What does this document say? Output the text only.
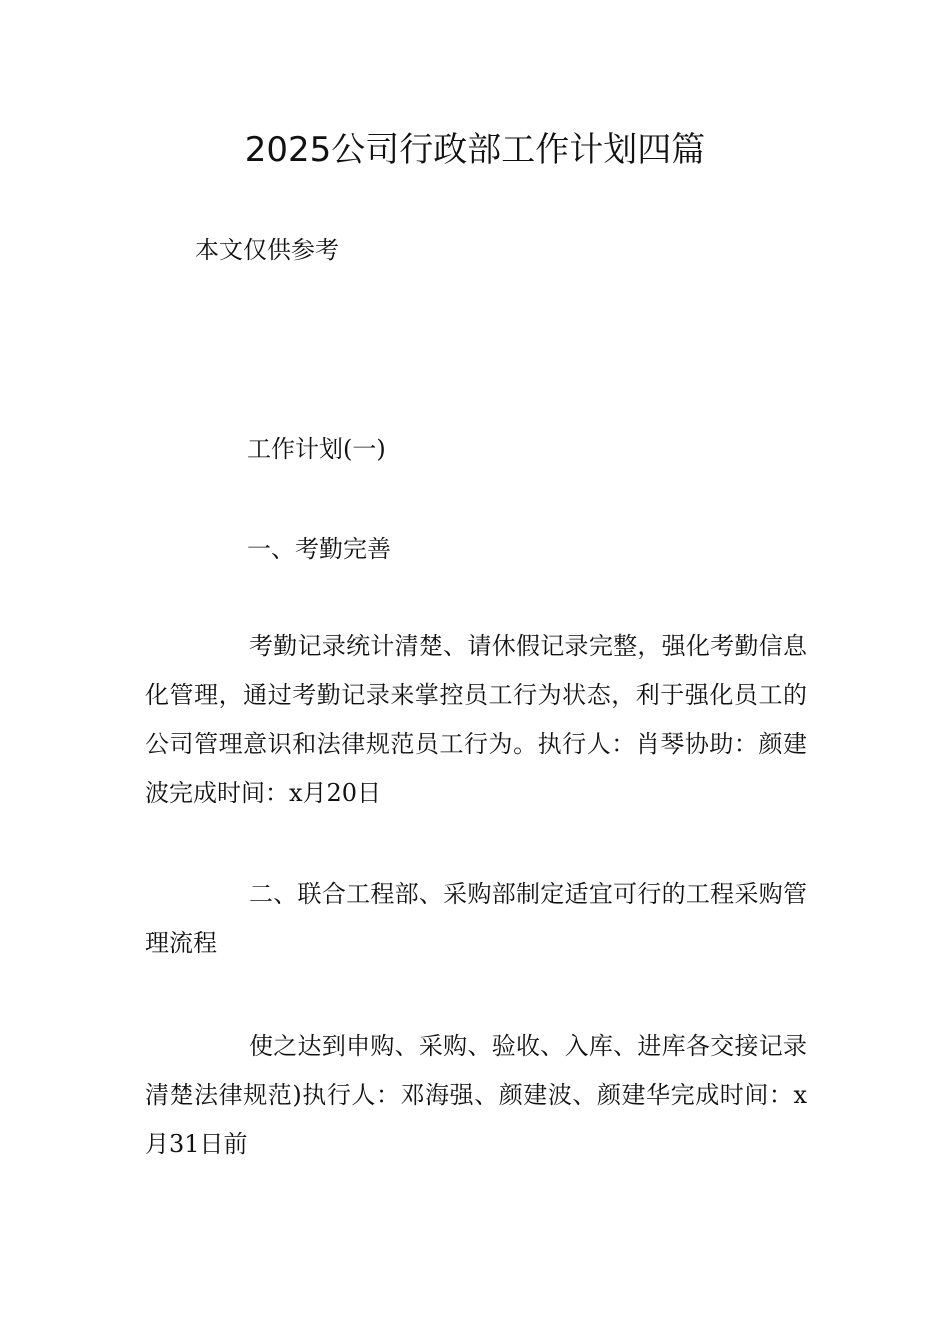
2025公司行政部工作计划四篇
本文仅供参考
工作计划(一)
一、考勤完善
考勤记录统计清楚、请休假记录完整，强化考勤信息化管理，通过考勤记录来掌控员工行为状态，利于强化员工的公司管理意识和法律规范员工行为。执行人：肖琴协助：颜建波完成时间：x月20日
二、联合工程部、采购部制定适宜可行的工程采购管理流程
使之达到申购、采购、验收、入库、进库各交接记录清楚法律规范)执行人：邓海强、颜建波、颜建华完成时间：x月31日前
